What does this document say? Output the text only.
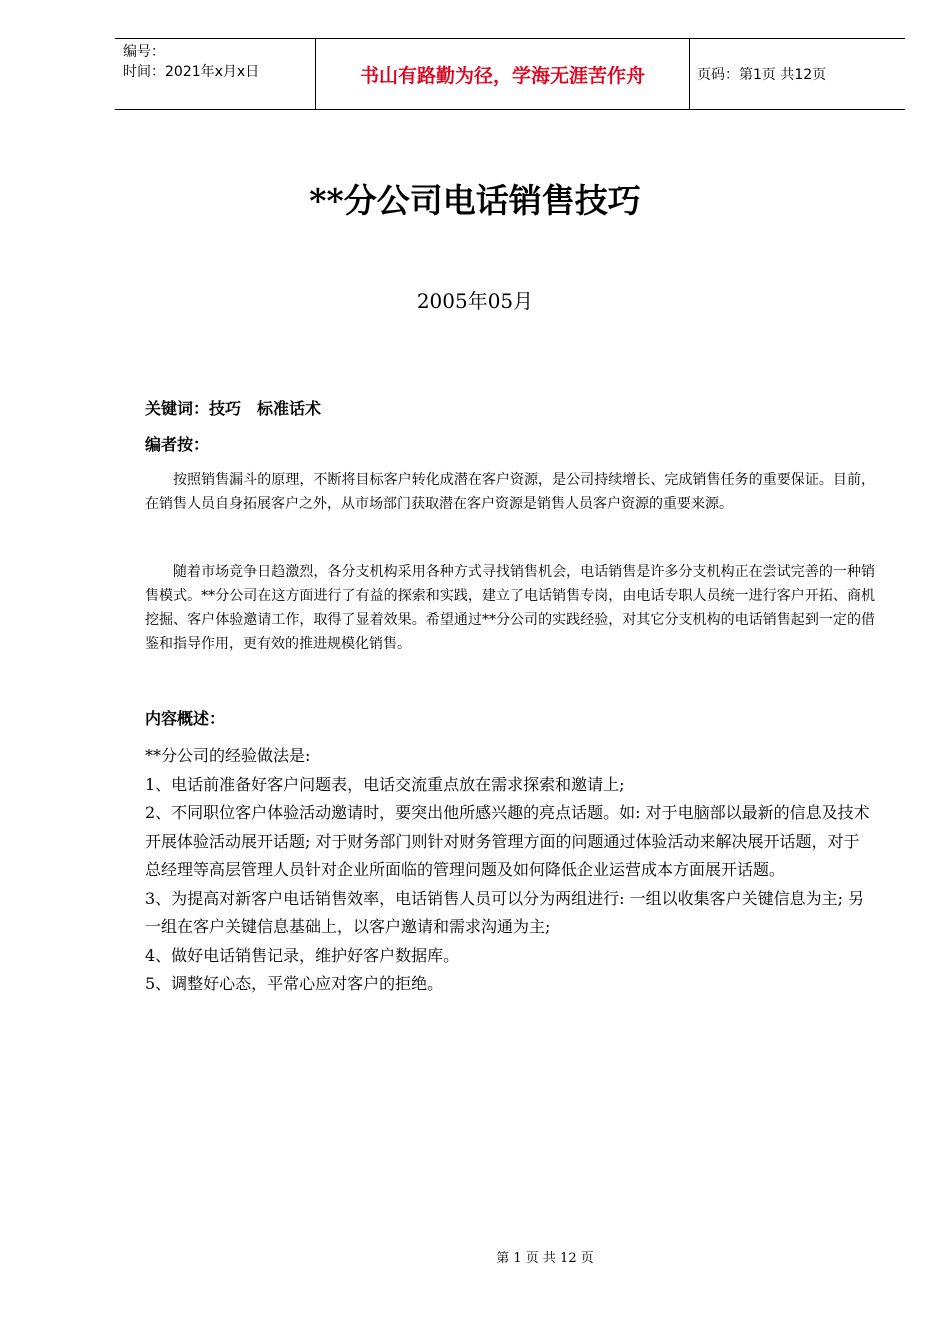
编号：
时间：2021年x月x日	书山有路勤为径，学海无涯苦作舟	页码：第1页 共12页
**分公司电话销售技巧
2005年05月
关键词：技巧　标准话术
编者按：
按照销售漏斗的原理，不断将目标客户转化成潜在客户资源，是公司持续增长、完成销售任务的重要保证。目前，在销售人员自身拓展客户之外，从市场部门获取潜在客户资源是销售人员客户资源的重要来源。
随着市场竞争日趋激烈，各分支机构采用各种方式寻找销售机会，电话销售是许多分支机构正在尝试完善的一种销售模式。**分公司在这方面进行了有益的探索和实践，建立了电话销售专岗，由电话专职人员统一进行客户开拓、商机挖掘、客户体验邀请工作，取得了显着效果。希望通过**分公司的实践经验，对其它分支机构的电话销售起到一定的借鉴和指导作用，更有效的推进规模化销售。
内容概述：
**分公司的经验做法是:
1、电话前准备好客户问题表，电话交流重点放在需求探索和邀请上;
2、不同职位客户体验活动邀请时，要突出他所感兴趣的亮点话题。如: 对于电脑部以最新的信息及技术开展体验活动展开话题; 对于财务部门则针对财务管理方面的问题通过体验活动来解决展开话题，对于总经理等高层管理人员针对企业所面临的管理问题及如何降低企业运营成本方面展开话题。
3、为提高对新客户电话销售效率，电话销售人员可以分为两组进行: 一组以收集客户关键信息为主; 另一组在客户关键信息基础上，以客户邀请和需求沟通为主;
4、做好电话销售记录，维护好客户数据库。
5、调整好心态，平常心应对客户的拒绝。
第 1 页 共 12 页
